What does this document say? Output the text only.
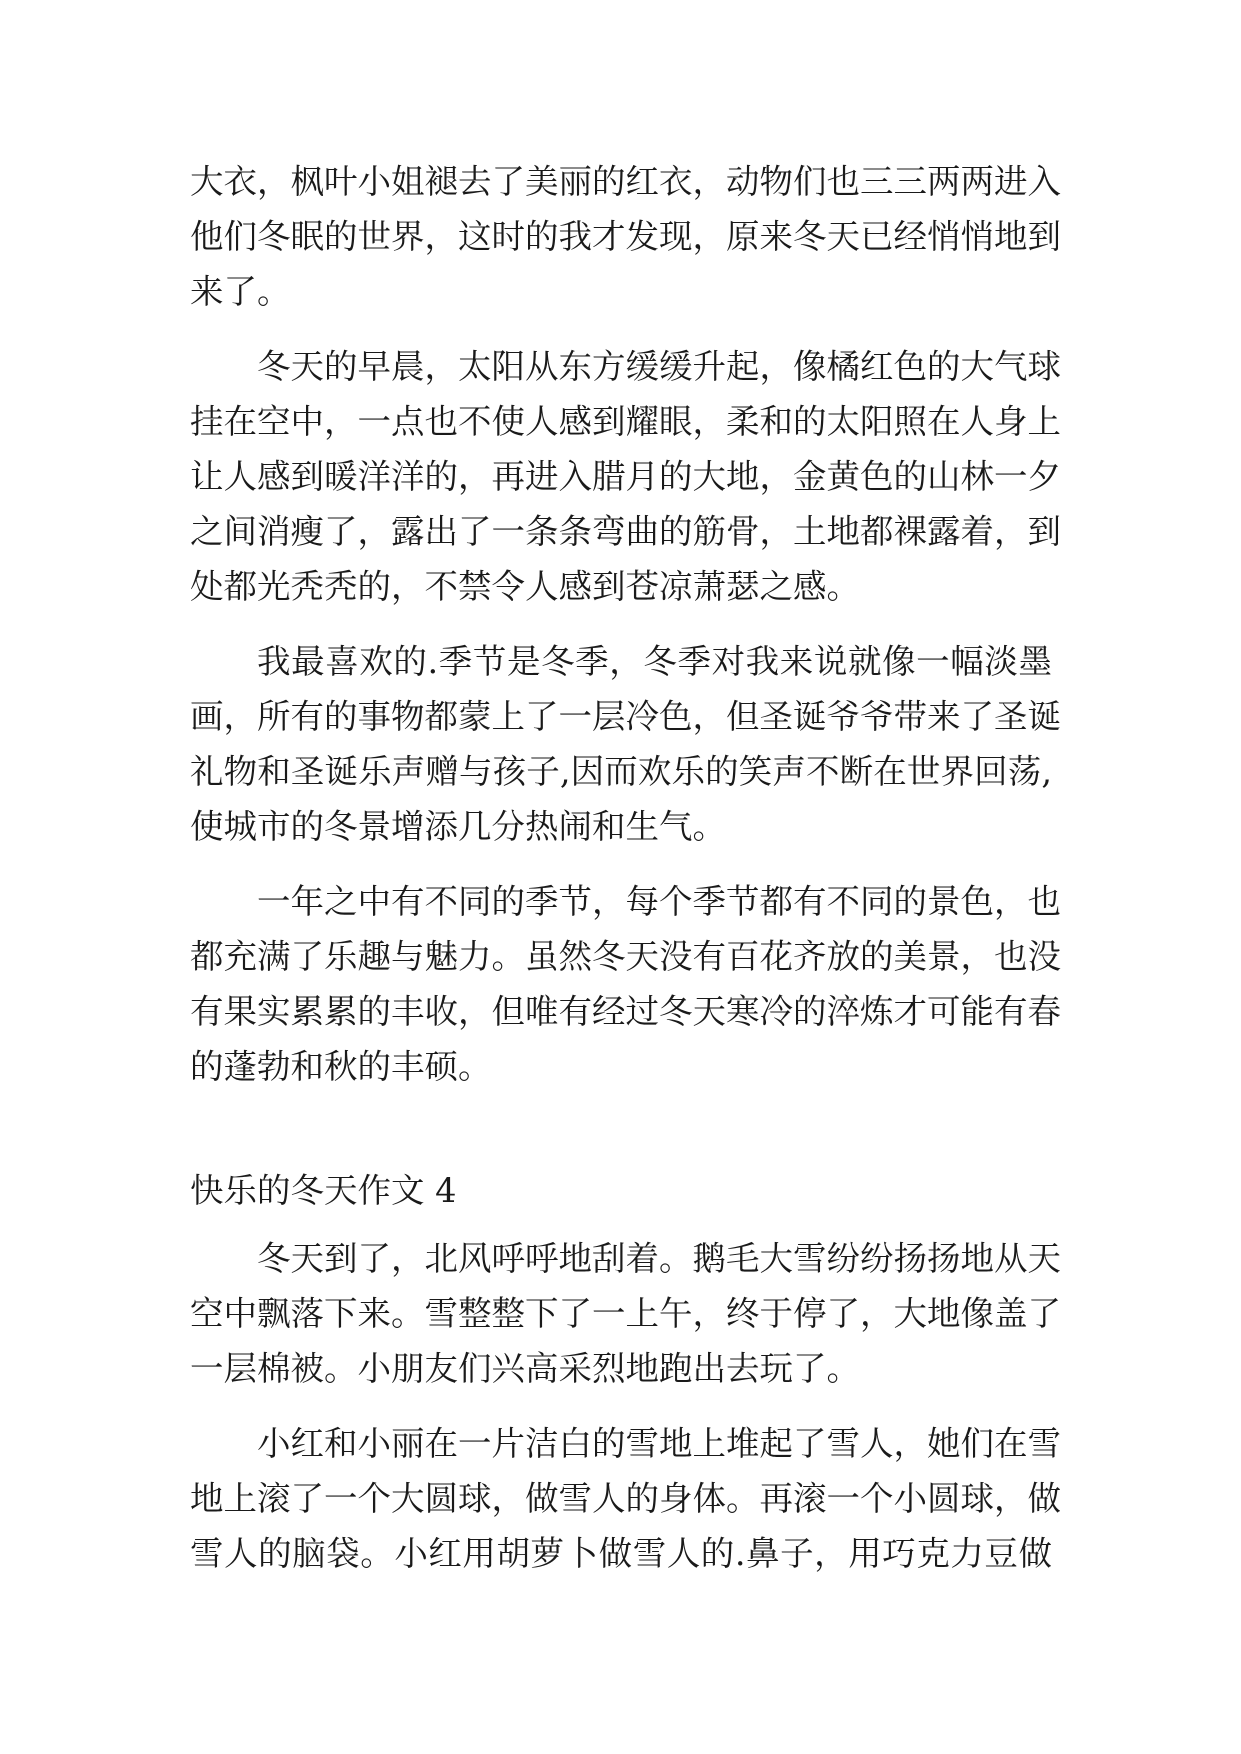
大衣，枫叶小姐褪去了美丽的红衣，动物们也三三两两进入
他们冬眠的世界，这时的我才发现，原来冬天已经悄悄地到
来了。
冬天的早晨，太阳从东方缓缓升起，像橘红色的大气球
挂在空中，一点也不使人感到耀眼，柔和的太阳照在人身上
让人感到暖洋洋的，再进入腊月的大地，金黄色的山林一夕
之间消瘦了，露出了一条条弯曲的筋骨，土地都裸露着，到
处都光秃秃的，不禁令人感到苍凉萧瑟之感。
我最喜欢的.季节是冬季，冬季对我来说就像一幅淡墨
画，所有的事物都蒙上了一层冷色，但圣诞爷爷带来了圣诞
礼物和圣诞乐声赠与孩子,因而欢乐的笑声不断在世界回荡,
使城市的冬景增添几分热闹和生气。
一年之中有不同的季节，每个季节都有不同的景色，也
都充满了乐趣与魅力。虽然冬天没有百花齐放的美景，也没
有果实累累的丰收，但唯有经过冬天寒冷的淬炼才可能有春
的蓬勃和秋的丰硕。
快乐的冬天作文 4
冬天到了，北风呼呼地刮着。鹅毛大雪纷纷扬扬地从天
空中飘落下来。雪整整下了一上午，终于停了，大地像盖了
一层棉被。小朋友们兴高采烈地跑出去玩了。
小红和小丽在一片洁白的雪地上堆起了雪人，她们在雪
地上滚了一个大圆球，做雪人的身体。再滚一个小圆球，做
雪人的脑袋。小红用胡萝卜做雪人的.鼻子，用巧克力豆做
